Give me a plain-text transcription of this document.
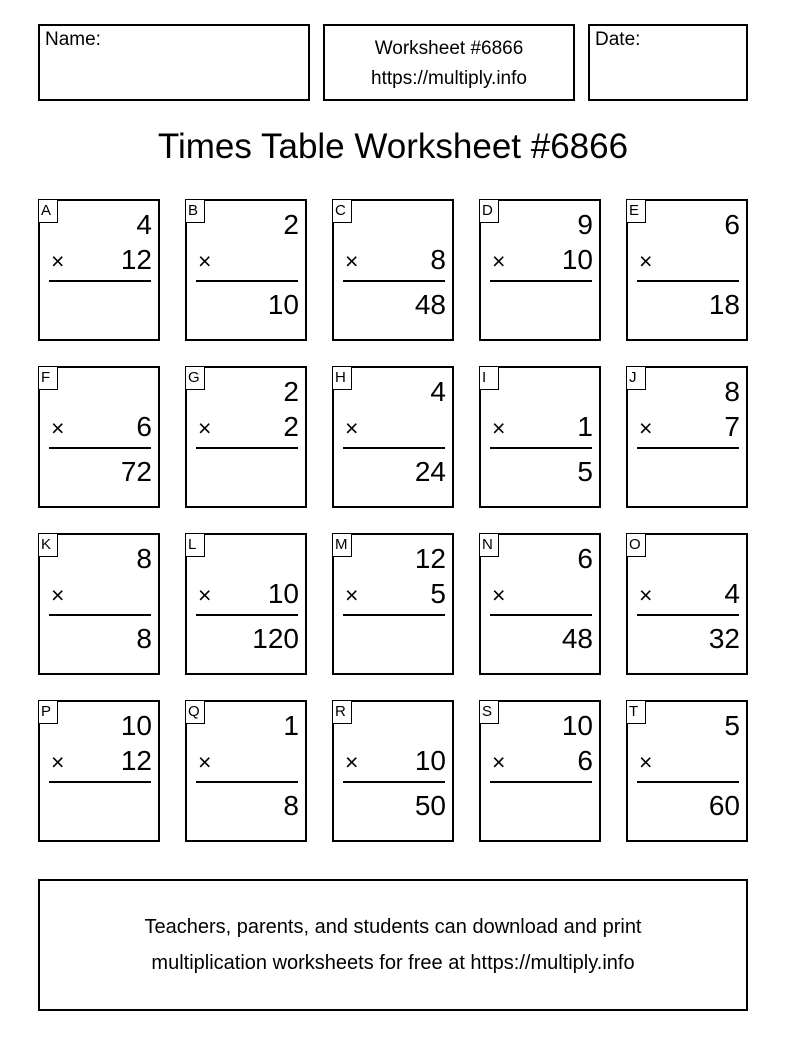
Name:	Worksheet #6866
https://multiply.info
Date:
Times Table Worksheet #6866
A	4
× 12
B	2
×
10
C
×	8
48
D	9
× 10
E	6
×
18
F
×	6
72
G	2
×	2
H	4
×
24
I
×	1
5
J	8
×	7
K	8
×
8
L
× 10
120
M 12
×	5
N	6
×
48
O
×	4
32
P 10
× 12
Q	1
×
8
R
× 10
50
S 10
×	6
T	5
×
60
Teachers, parents, and students can download and print
multiplication worksheets for free at https://multiply.info
